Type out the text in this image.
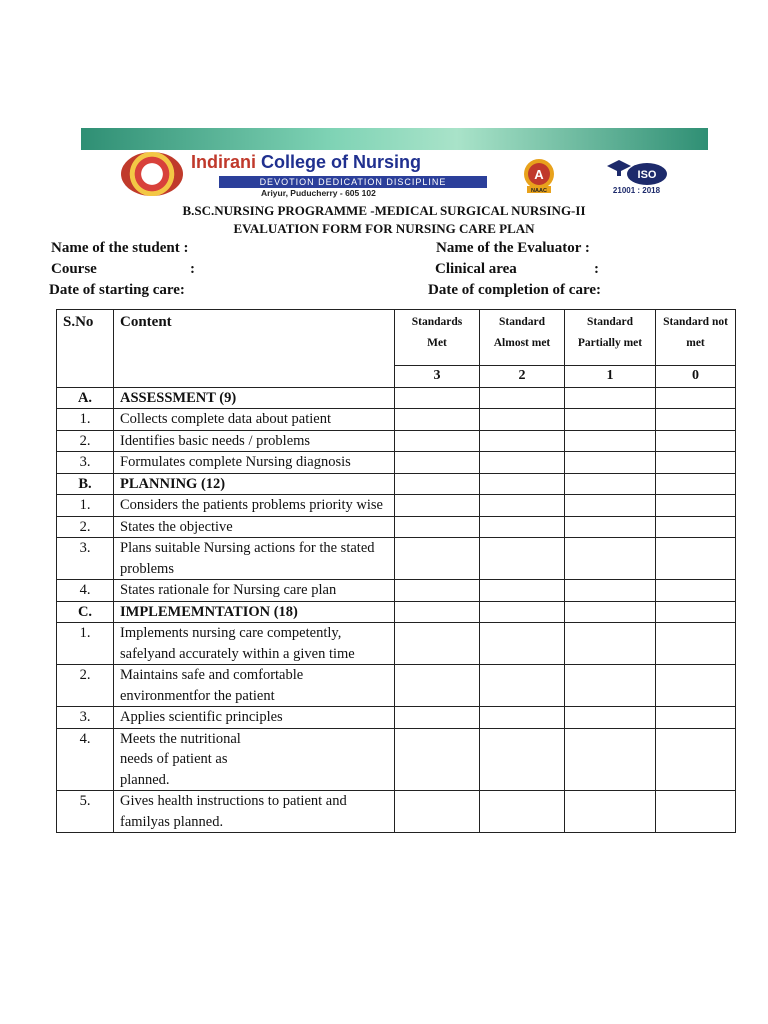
Indirani College of Nursing
DEVOTION DEDICATION DISCIPLINE
Ariyur, Puducherry - 605 102
A
NAAC
ISO
21001 : 2018
B.SC.NURSING PROGRAMME -MEDICAL SURGICAL NURSING-II
EVALUATION FORM FOR NURSING CARE PLAN
Name of the student :	Name of the Evaluator :
Course	:	Clinical area	:
Date of starting care:	Date of completion of care:
S.No	Content	Standards Met	Standard Almost met	Standard Partially met	Standard not met
		3	2	1	0
A.	ASSESSMENT (9)				
1.	Collects complete data about patient				
2.	Identifies basic needs / problems				
3.	Formulates complete Nursing diagnosis				
B.	PLANNING (12)				
1.	Considers the patients problems priority wise				
2.	States the objective				
3.	Plans suitable Nursing actions for the stated problems				
4.	States rationale for Nursing care plan				
C.	IMPLEMEMNTATION (18)				
1.	Implements nursing care competently, safelyand accurately within a given time				
2.	Maintains safe and comfortable environmentfor the patient				
3.	Applies scientific principles				
4.	Meets the nutritional needs of patient as planned.				
5.	Gives health instructions to patient and familyas planned.				
